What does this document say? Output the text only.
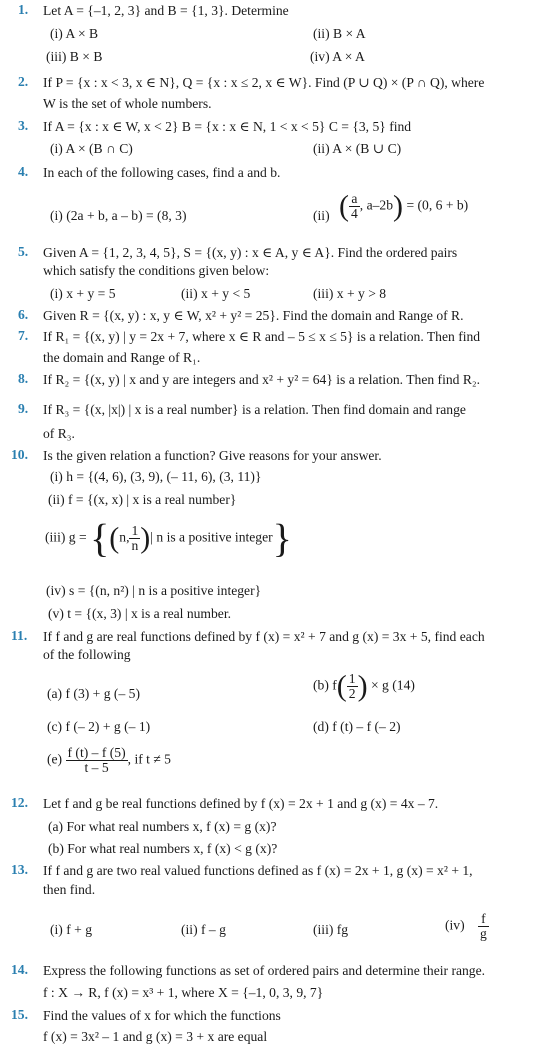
1. Let A = {–1, 2, 3} and B = {1, 3}. Determine
(i) A × B	(ii) B × A
(iii) B × B	(iv) A × A
2. If P = {x : x < 3, x ∈ N}, Q = {x : x ≤ 2, x ∈ W}. Find (P ∪ Q) × (P ∩ Q), where
W is the set of whole numbers.
3. If A = {x : x ∈ W, x < 2} B = {x : x ∈ N, 1 < x < 5} C = {3, 5} find
(i) A × (B ∩ C)	(ii) A × (B ∪ C)
4. In each of the following cases, find a and b.
(i) (2a + b, a – b) = (8, 3)	(ii) ( $\frac{a}{4}$ , a–2b) = (0, 6 + b)
5. Given A = {1, 2, 3, 4, 5}, S = {(x, y) : x ∈ A, y ∈ A}. Find the ordered pairs
which satisfy the conditions given below:
(i) x + y = 5	(ii) x + y < 5	(iii) x + y > 8
6. Given R = {(x, y) : x, y ∈ W, x² + y² = 25}. Find the domain and Range of R.
7. If R₁ = {(x, y) | y = 2x + 7, where x ∈ R and – 5 ≤ x ≤ 5} is a relation. Then find
the domain and Range of R₁.
8. If R₂ = {(x, y) | x and y are integers and x² + y² = 64} is a relation. Then find R₂.
9. If R₃ = {(x, |x|) | x is a real number} is a relation. Then find domain and range
of R₃.
10. Is the given relation a function? Give reasons for your answer.
(i) h = {(4, 6), (3, 9), (– 11, 6), (3, 11)}
(ii) f = {(x, x) | x is a real number}
(iii) g = {(n, $\frac{1}{n}$ )| n is a positive integer}
(iv) s = {(n, n²) | n is a positive integer}
(v) t = {(x, 3) | x is a real number.
11. If f and g are real functions defined by f (x) = x² + 7 and g (x) = 3x + 5, find each
of the following
(a) f (3) + g (– 5)
(b) $f( \frac{1}{2}$ ) × g (14)
(c) f (– 2) + g (– 1)	(d) f (t) – f (– 2)
$(e) \frac{f (t) - f (5)}{t - 5}$ , if t ≠ 5
12. Let f and g be real functions defined by f (x) = 2x + 1 and g (x) = 4x – 7.
(a) For what real numbers x, f (x) = g (x)?
(b) For what real numbers x, f (x) < g (x)?
13. If f and g are two real valued functions defined as f (x) = 2x + 1, g (x) = x² + 1,
then find.
(i) f + g	(ii) f – g	(iii) fg	$(iv) \frac{f}{g}$
14. Express the following functions as set of ordered pairs and determine their range.
f : X → R, f (x) = x³ + 1, where X = {–1, 0, 3, 9, 7}
15. Find the values of x for which the functions
f (x) = 3x² – 1 and g (x) = 3 + x are equal
